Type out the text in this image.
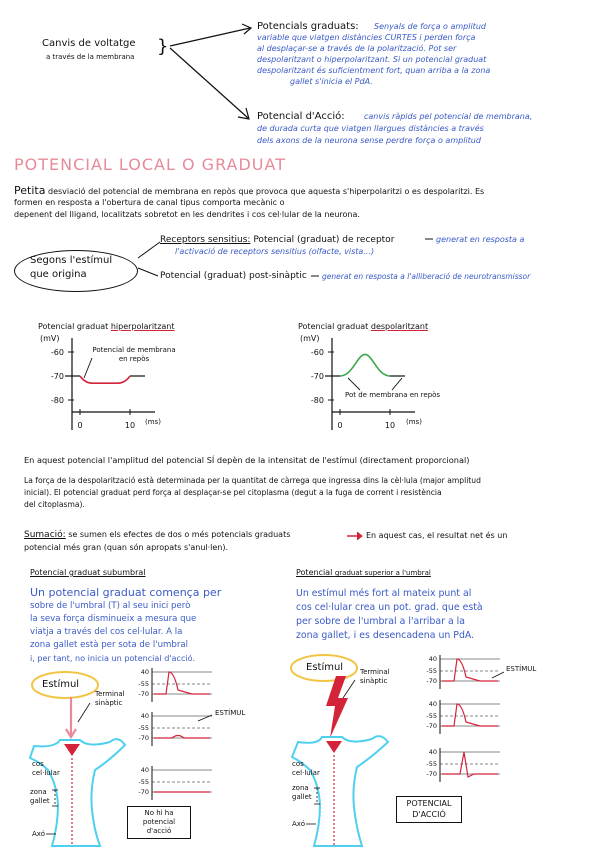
Canvis de voltatge
a través de la membrana }
Potencials graduats: Senyals de força o amplitud
variable que viatgen distàncies CURTES i perden força
al desplaçar-se a través de la polarització. Pot ser
despolaritzant o hiperpolaritzant. Si un potencial graduat
despolaritzant és suficientment fort, quan arriba a la zona
gallet s'inicia el PdA.
Potencial d'Acció: canvis ràpids pel potencial de membrana,
de durada curta que viatgen llargues distàncies a través
dels axons de la neurona sense perdre força o amplitud
POTENCIAL LOCAL O GRADUAT
Petita desviació del potencial de membrana en repòs que provoca que aquesta s'hiperpolaritzi o es despolaritzi. Es
formen en resposta a l'obertura de canal tipus comporta mecànic o
depenent del lligand, localitzats sobretot en les dendrites i cos cel·lular de la neurona.
Segons l'estímul
que origina
Receptors sensitius: Potencial (graduat) de receptor	generat en resposta a
l'activació de receptors sensitius (olfacte, vista...)
Potencial (graduat) post-sinàptic generat en resposta a l'alliberació de neurotransmissor
Potencial graduat hiperpolaritzant
(mV)
Potencial de membrana en repòs
(ms)
Potencial graduat despolaritzant
(mV)
Pot de membrana en repòs
(ms)
-60
-70
-80
0	10
-60
-70
-80
0	10
En aquest potencial l'amplitud del potencial SÍ depèn de la intensitat de l'estímul (directament proporcional)
La força de la despolarització està determinada per la quantitat de càrrega que ingressa dins la cèl·lula (major amplitud
inicial). El potencial graduat perd força al desplaçar-se pel citoplasma (degut a la fuga de corrent i resistència
del citoplasma).
Sumació: se sumen els efectes de dos o més potencials graduats	En aquest cas, el resultat net és un
potencial més gran (quan són apropats s'anul·len).
Potencial graduat subumbral
Un potencial graduat comença per
sobre de l'umbral (T) al seu inici però
la seva força disminueix a mesura que
viatja a través del cos cel·lular. A la
zona gallet està per sota de l'umbral
i, per tant, no inicia un potencial d'acció.
Estímul
Terminal sinàptic
cos cel·lular
zona gallet
Axó
ESTÍMUL
No hi ha potencial
d'acció
Potencial graduat superior a l'umbral
Un estímul més fort al mateix punt al
cos cel·lular crea un pot. grad. que està
per sobre de l'umbral a l'arribar a la
zona gallet, i es desencadena un PdA.
Estímul Terminal sinàptic
cos cel·lular
zona gallet
Axó
ESTÍMUL
POTENCIAL
D'ACCIÓ
40
-55
-70
40
-55
-70
40
-55
-70
40
-55
-70
40
-55
-70
40
-55
-70
